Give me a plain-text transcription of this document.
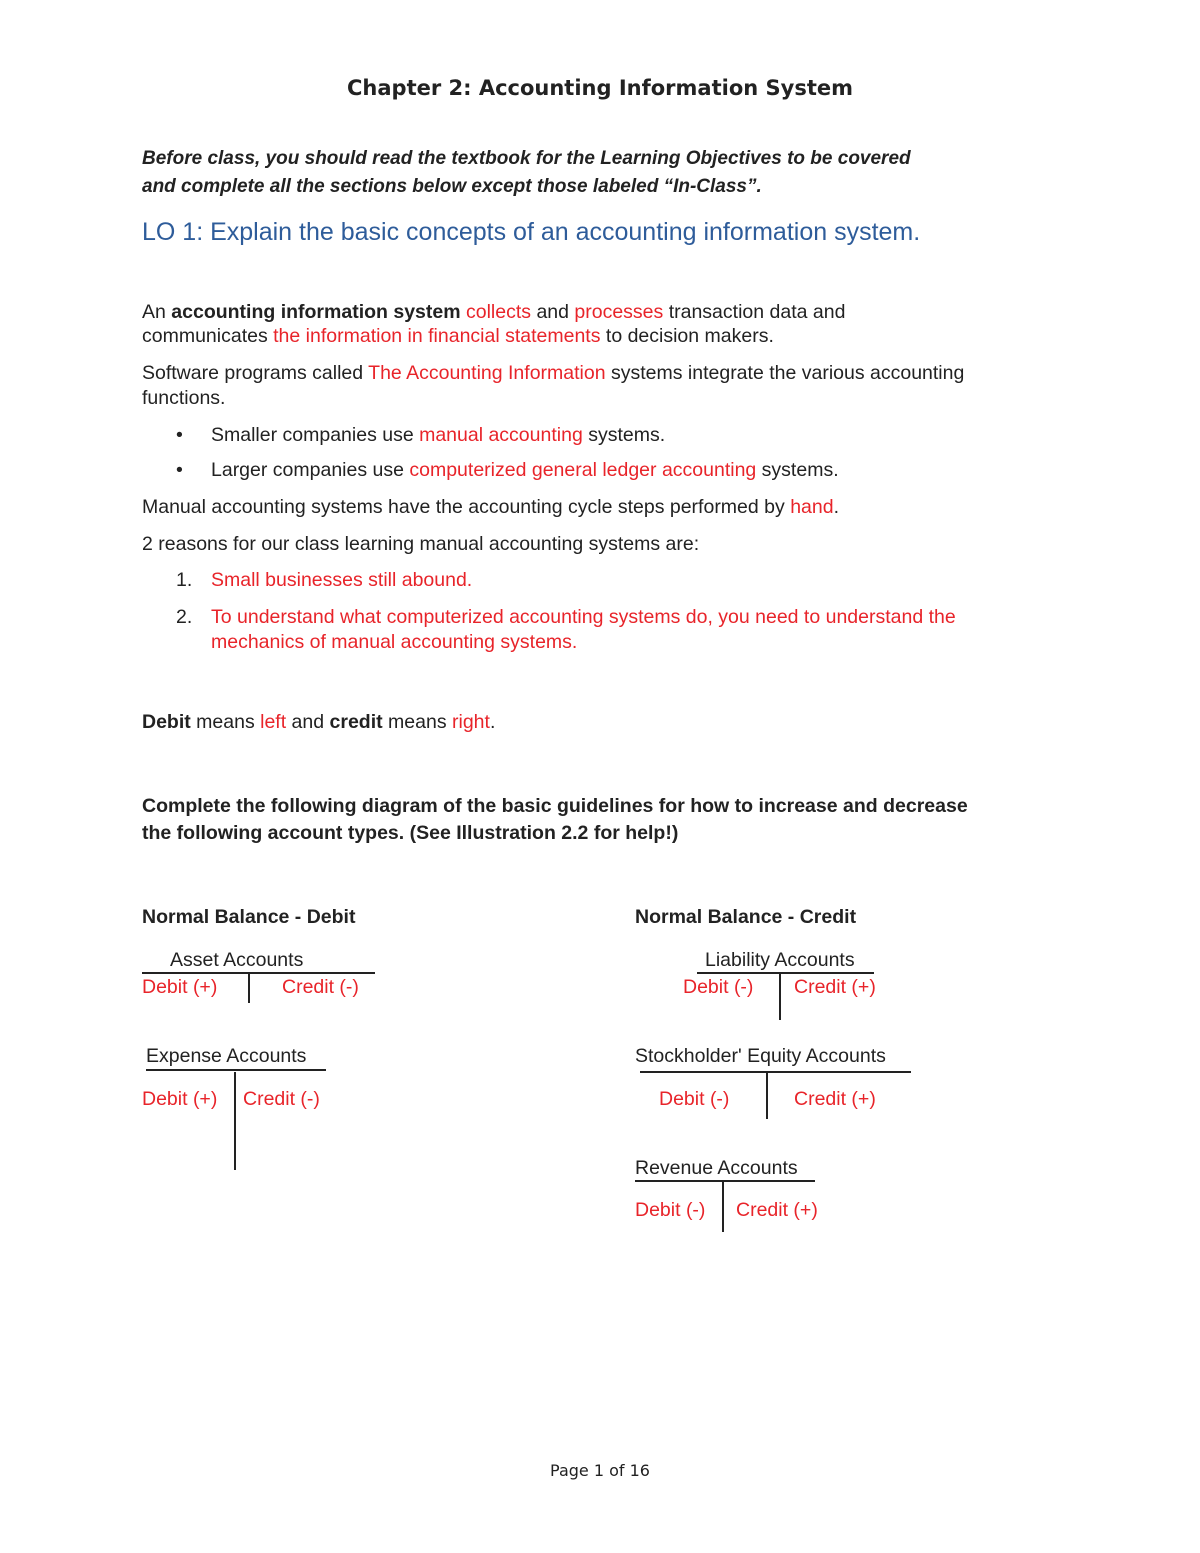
Chapter 2: Accounting Information System
Before class, you should read the textbook for the Learning Objectives to be covered
and complete all the sections below except those labeled “In-Class”.
LO 1: Explain the basic concepts of an accounting information system.
An accounting information system collects and processes transaction data and
communicates the information in financial statements to decision makers.
Software programs called The Accounting Information systems integrate the various accounting
functions.
• Smaller companies use manual accounting systems.
• Larger companies use computerized general ledger accounting systems.
Manual accounting systems have the accounting cycle steps performed by hand.
2 reasons for our class learning manual accounting systems are:
1. Small businesses still abound.
2. To understand what computerized accounting systems do, you need to understand the
mechanics of manual accounting systems.
Debit means left and credit means right.
Complete the following diagram of the basic guidelines for how to increase and decrease
the following account types. (See Illustration 2.2 for help!)
Normal Balance - Debit	Normal Balance - Credit
Asset Accounts
Debit (+)	Credit (-)
Expense Accounts
Debit (+) Credit (-)
Liability Accounts
Debit (-) Credit (+)
Stockholder' Equity Accounts
Debit (-)	Credit (+)
Revenue Accounts
Debit (-) Credit (+)
Page 1 of 16
